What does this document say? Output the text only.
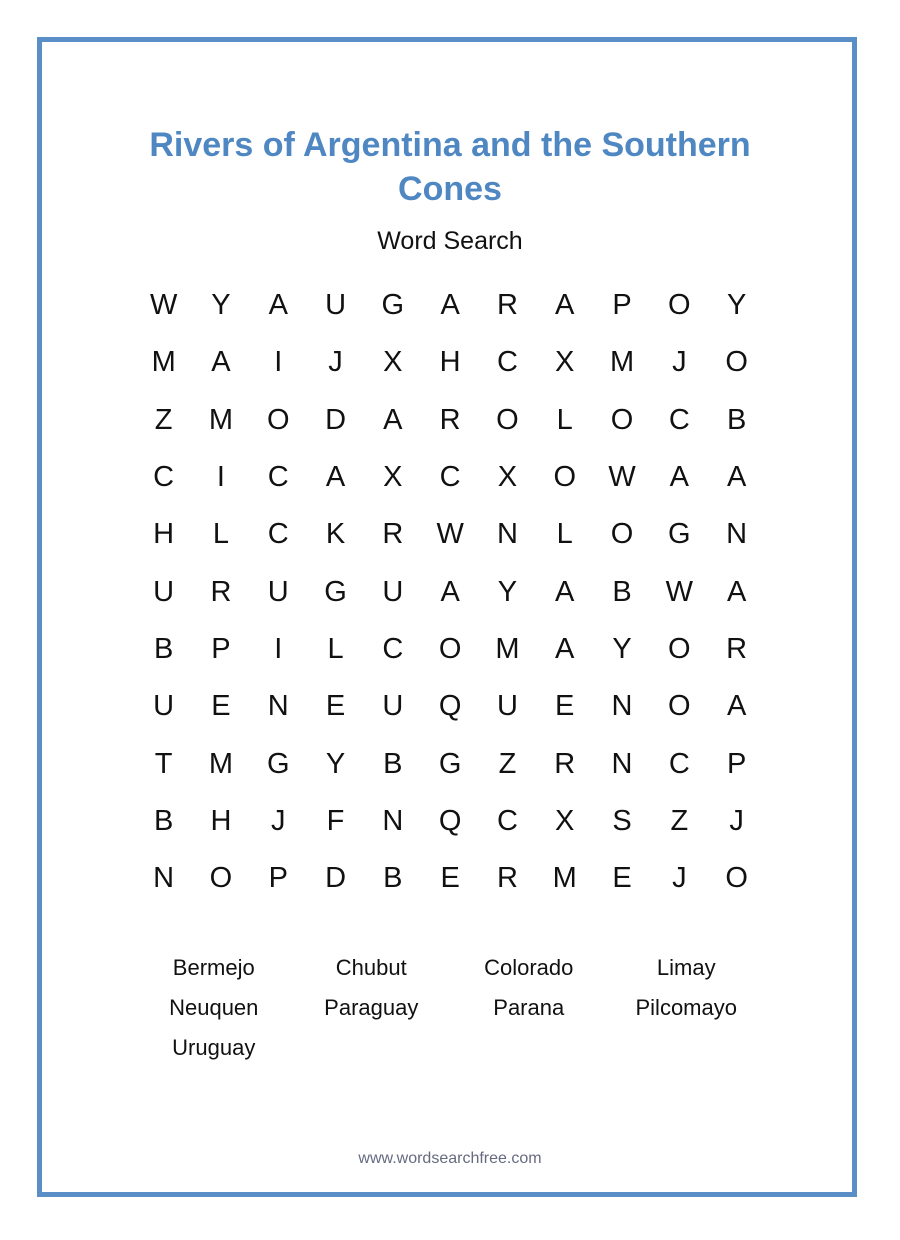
Rivers of Argentina and the Southern
Cones
Word Search
W	Y	A	U	G	A	R	A	P	O	Y
M	A	I	J	X	H	C	X	M	J	O
Z	M	O	D	A	R	O	L	O	C	B
C	I	C	A	X	C	X	O	W	A	A
H	L	C	K	R	W	N	L	O	G	N
U	R	U	G	U	A	Y	A	B	W	A
B	P	I	L	C	O	M	A	Y	O	R
U	E	N	E	U	Q	U	E	N	O	A
T	M	G	Y	B	G	Z	R	N	C	P
B	H	J	F	N	Q	C	X	S	Z	J
N	O	P	D	B	E	R	M	E	J	O
Bermejo	Chubut	Colorado	Limay
Neuquen	Paraguay	Parana	Pilcomayo
Uruguay
www.wordsearchfree.com
